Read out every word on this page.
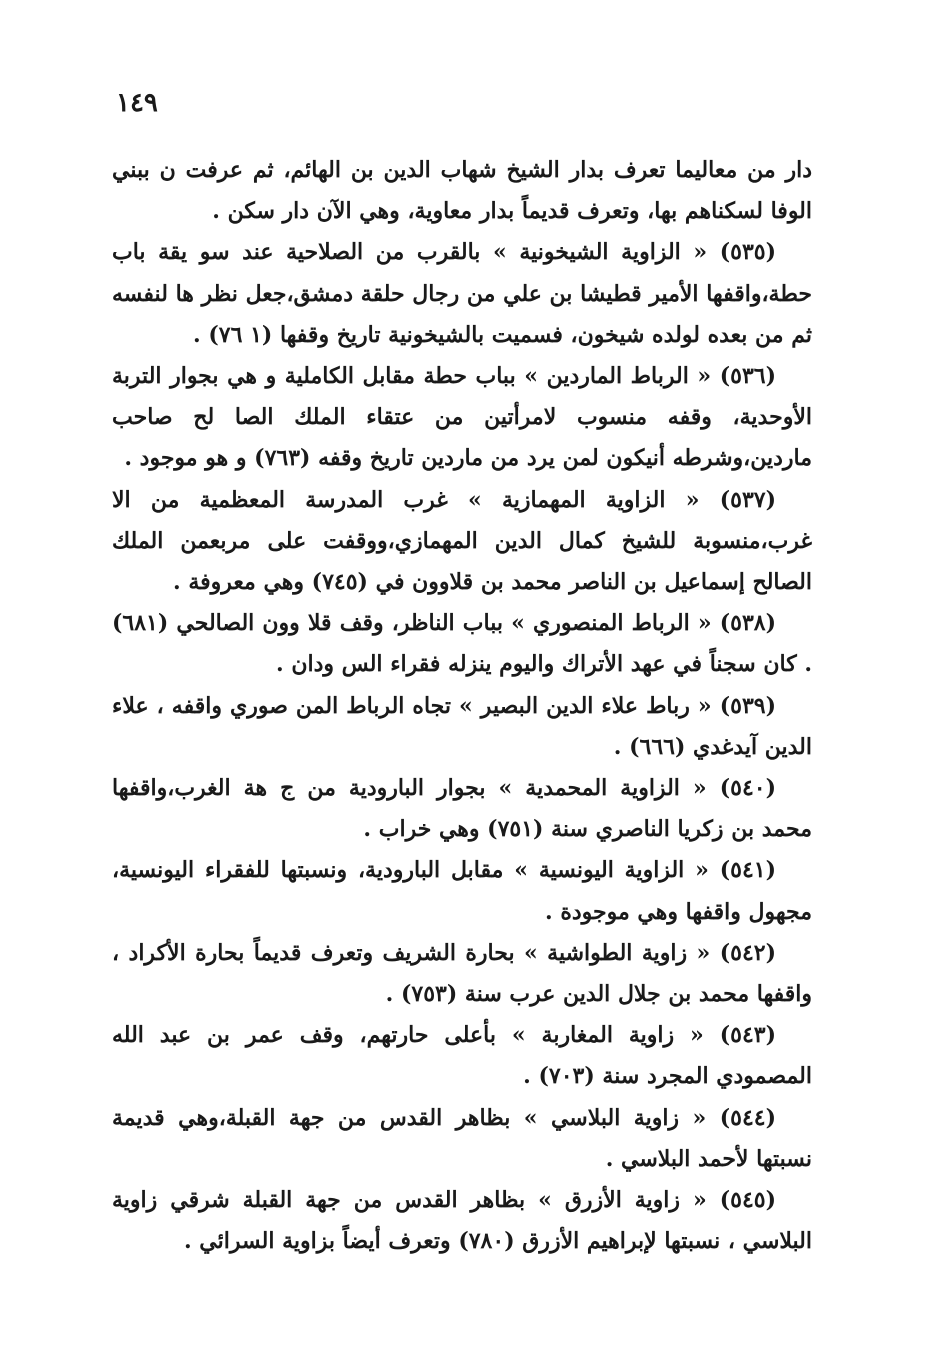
١٤٩

دار من معاليما تعرف بدار الشيخ شهاب الدين بن الهائم، ثم عرفت ن ببني الوفا لسكناهم بها، وتعرف قديماً بدار معاوية، وهي الآن دار سكن .

(٥٣٥) « الزاوية الشيخونية » بالقرب من الصلاحية عند سو يقة باب حطة،واقفها الأمير قطيشا بن علي من رجال حلقة دمشق،جعل نظر ها لنفسه ثم من بعده لولده شيخون، فسميت بالشيخونية تاريخ وقفها (١ ٧٦) .

(٥٣٦) « الرباط الماردين » بباب حطة مقابل الكاملية و هي بجوار التربة الأوحدية، وقفه منسوب لامرأتين من عتقاء الملك الصا لح صاحب ماردين،وشرطه أنيكون لمن يرد من ماردين تاريخ وقفه (٧٦٣) و هو موجود .

(٥٣٧) « الزاوية المهمازية » غرب المدرسة المعظمية من الا غرب،منسوبة للشيخ كمال الدين المهمازي،ووقفت على مربعمن الملك الصالح إسماعيل بن الناصر محمد بن قلاوون في (٧٤٥) وهي معروفة .

(٥٣٨) « الرباط المنصوري » بباب الناظر، وقف قلا وون الصالحي (٦٨١) . كان سجناً في عهد الأتراك واليوم ينزله فقراء الس ودان .

(٥٣٩) « رباط علاء الدين البصير » تجاه الرباط المن صوري واقفه ، علاء الدين آيدغدي (٦٦٦) .

(٥٤٠) « الزاوية المحمدية » بجوار البارودية من ج هة الغرب،واقفها محمد بن زكريا الناصري سنة (٧٥١) وهي خراب .

(٥٤١) « الزاوية اليونسية » مقابل البارودية، ونسبتها للفقراء اليونسية، مجهول واقفها وهي موجودة .

(٥٤٢) « زاوية الطواشية » بحارة الشريف وتعرف قديماً بحارة الأكراد ، واقفها محمد بن جلال الدين عرب سنة (٧٥٣) .

(٥٤٣) « زاوية المغاربة » بأعلى حارتهم، وقف عمر بن عبد الله المصمودي المجرد سنة (٧٠٣) .

(٥٤٤) « زاوية البلاسي » بظاهر القدس من جهة القبلة،وهي قديمة نسبتها لأحمد البلاسي .

(٥٤٥) « زاوية الأزرق » بظاهر القدس من جهة القبلة شرقي زاوية البلاسي ، نسبتها لإبراهيم الأزرق (٧٨٠) وتعرف أيضاً بزاوية السرائي .
